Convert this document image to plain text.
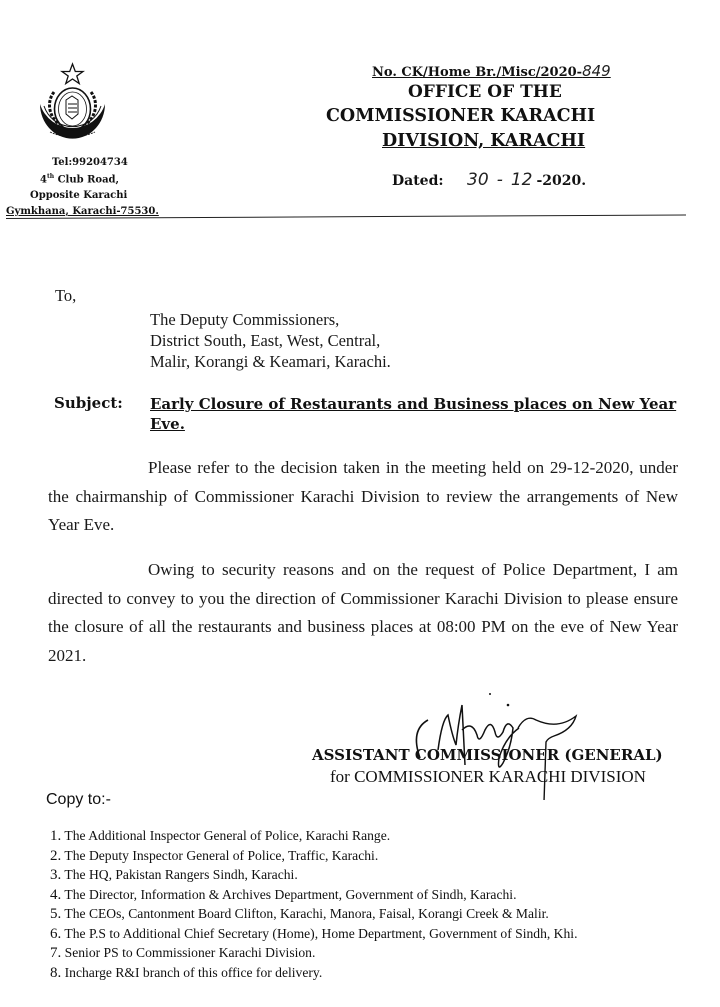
Tel:99204734
4th Club Road,
Opposite Karachi
Gymkhana, Karachi-75530.
No. CK/Home Br./Misc/2020-849
OFFICE OF THE
COMMISSIONER KARACHI
DIVISION, KARACHI
Dated: 30 - 12 -2020.
To,
The Deputy Commissioners,
District South, East, West, Central,
Malir, Korangi & Keamari, Karachi.
Subject: Early Closure of Restaurants and Business places on New Year Eve.
Please refer to the decision taken in the meeting held on 29-12-2020, under the chairmanship of Commissioner Karachi Division to review the arrangements of New Year Eve.
Owing to security reasons and on the request of Police Department, I am directed to convey to you the direction of Commissioner Karachi Division to please ensure the closure of all the restaurants and business places at 08:00 PM on the eve of New Year 2021.
ASSISTANT COMMISSIONER (GENERAL)
for COMMISSIONER KARACHI DIVISION
Copy to:-
1. The Additional Inspector General of Police, Karachi Range.
2. The Deputy Inspector General of Police, Traffic, Karachi.
3. The HQ, Pakistan Rangers Sindh, Karachi.
4. The Director, Information & Archives Department, Government of Sindh, Karachi.
5. The CEOs, Cantonment Board Clifton, Karachi, Manora, Faisal, Korangi Creek & Malir.
6. The P.S to Additional Chief Secretary (Home), Home Department, Government of Sindh, Khi.
7. Senior PS to Commissioner Karachi Division.
8. Incharge R&I branch of this office for delivery.
